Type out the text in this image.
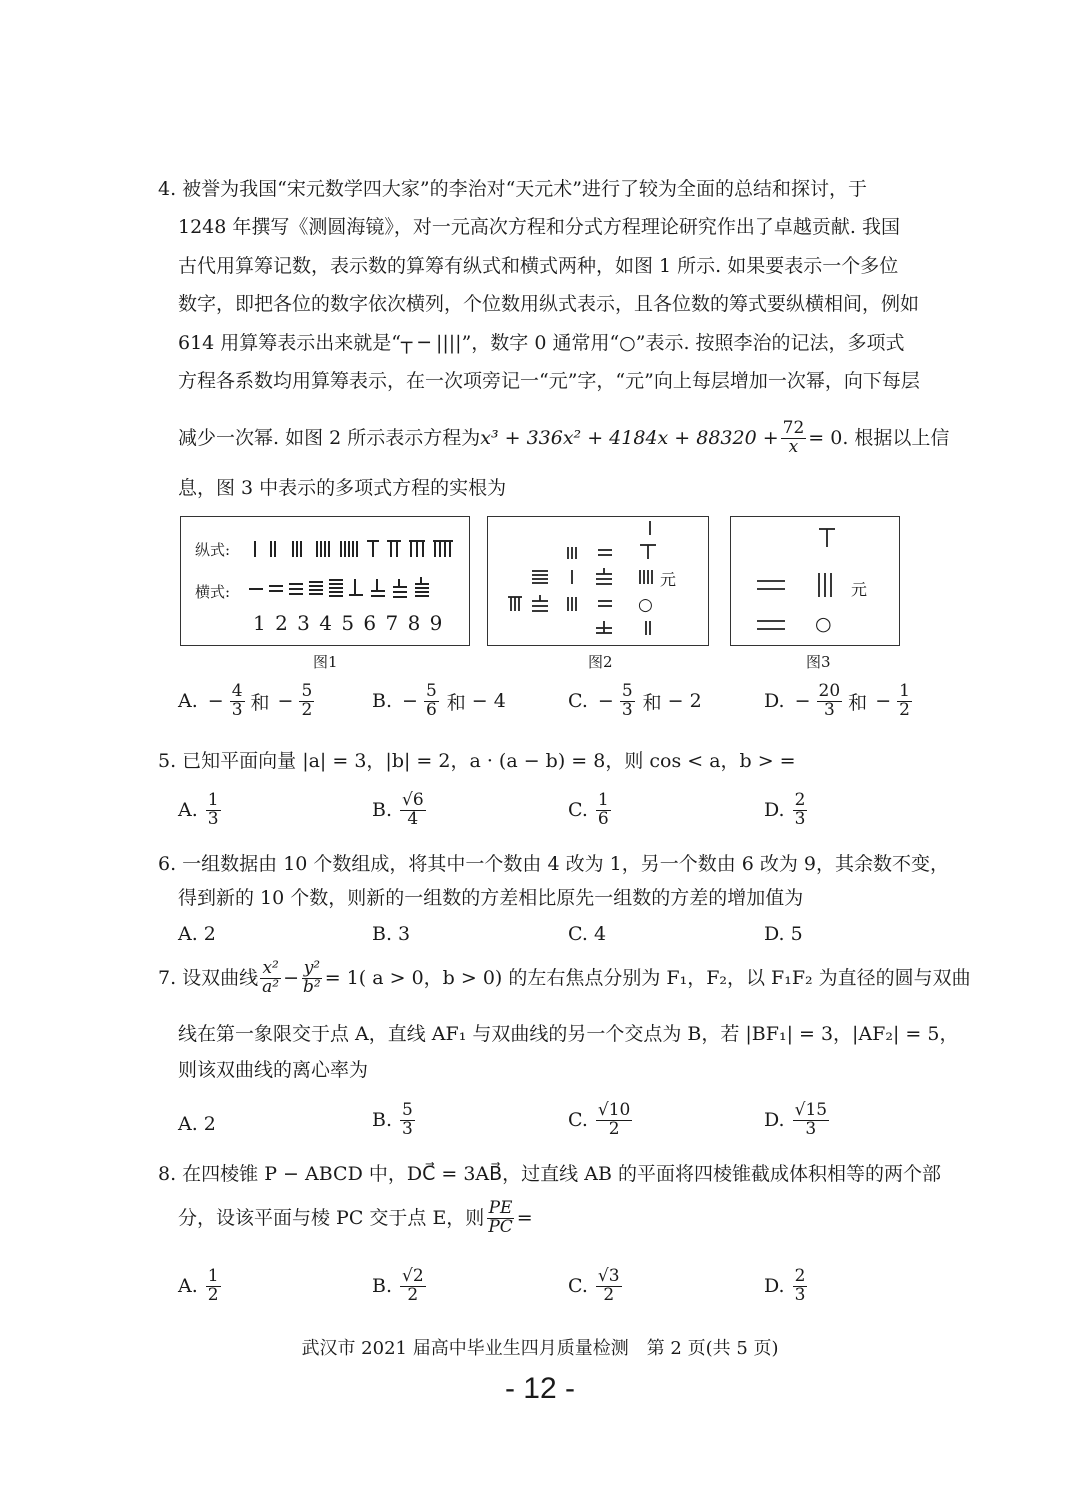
4. 被誉为我国“宋元数学四大家”的李治对“天元术”进行了较为全面的总结和探讨，于
1248 年撰写《测圆海镜》，对一元高次方程和分式方程理论研究作出了卓越贡献. 我国
古代用算筹记数，表示数的算筹有纵式和横式两种，如图 1 所示. 如果要表示一个多位
数字，即把各位的数字依次横列，个位数用纵式表示，且各位数的筹式要纵横相间，例如
614 用算筹表示出来就是“┬ ─ ||||”，数字 0 通常用“○”表示. 按照李治的记法，多项式
方程各系数均用算筹表示，在一次项旁记一“元”字，“元”向上每层增加一次幂，向下每层
减少一次幂. 如图 2 所示表示方程为 $x^3 + 336x^2 + 4184x + 88320 + \frac{72}{x} = 0$. 根据以上信
息，图 3 中表示的多项式方程的实根为
纵式:
横式:
1 2 3 4 5 6 7 8 9
图1
元
○
图2
元
○
图3
A. − $\frac{4}{3}$ 和 − $\frac{5}{2}$	B. − $\frac{5}{6}$ 和 − 4	C. − $\frac{5}{3}$ 和 − 2	D. − $\frac{20}{3}$ 和 − $\frac{1}{2}$
5. 已知平面向量 |a| = 3，|b| = 2，a · (a − b) = 8，则 cos < a，b > =
A. $\frac{1}{3}$	B. $\frac{√6}{4}$	C. $\frac{1}{6}$	D. $\frac{2}{3}$
6. 一组数据由 10 个数组成，将其中一个数由 4 改为 1，另一个数由 6 改为 9，其余数不变，
得到新的 10 个数，则新的一组数的方差相比原先一组数的方差的增加值为
A. 2	B. 3	C. 4	D. 5
7. 设双曲线 $\frac{\text{x²}}{\text{a²}} - \frac{\text{y²}}{\text{b²}} = 1$( a > 0，b > 0) 的左右焦点分别为 F₁，F₂，以 F₁F₂ 为直径的圆与双曲
线在第一象限交于点 A，直线 AF₁ 与双曲线的另一个交点为 B，若 |BF₁| = 3，|AF₂| = 5，
则该双曲线的离心率为
A. 2	B. $\frac{5}{3}$	C. $\frac{√10}{2}$	D. $\frac{√15}{3}$
8. 在四棱锥 P − ABCD 中，DC⃗ = 3AB⃗，过直线 AB 的平面将四棱锥截成体积相等的两个部
分，设该平面与棱 PC 交于点 E，则 $\frac{PE}{PC}$ =
A. $\frac{1}{2}$	B. $\frac{√2}{2}$	C. $\frac{√3}{2}$	D. $\frac{2}{3}$
武汉市 2021 届高中毕业生四月质量检测　第 2 页(共 5 页)
- 12 -
